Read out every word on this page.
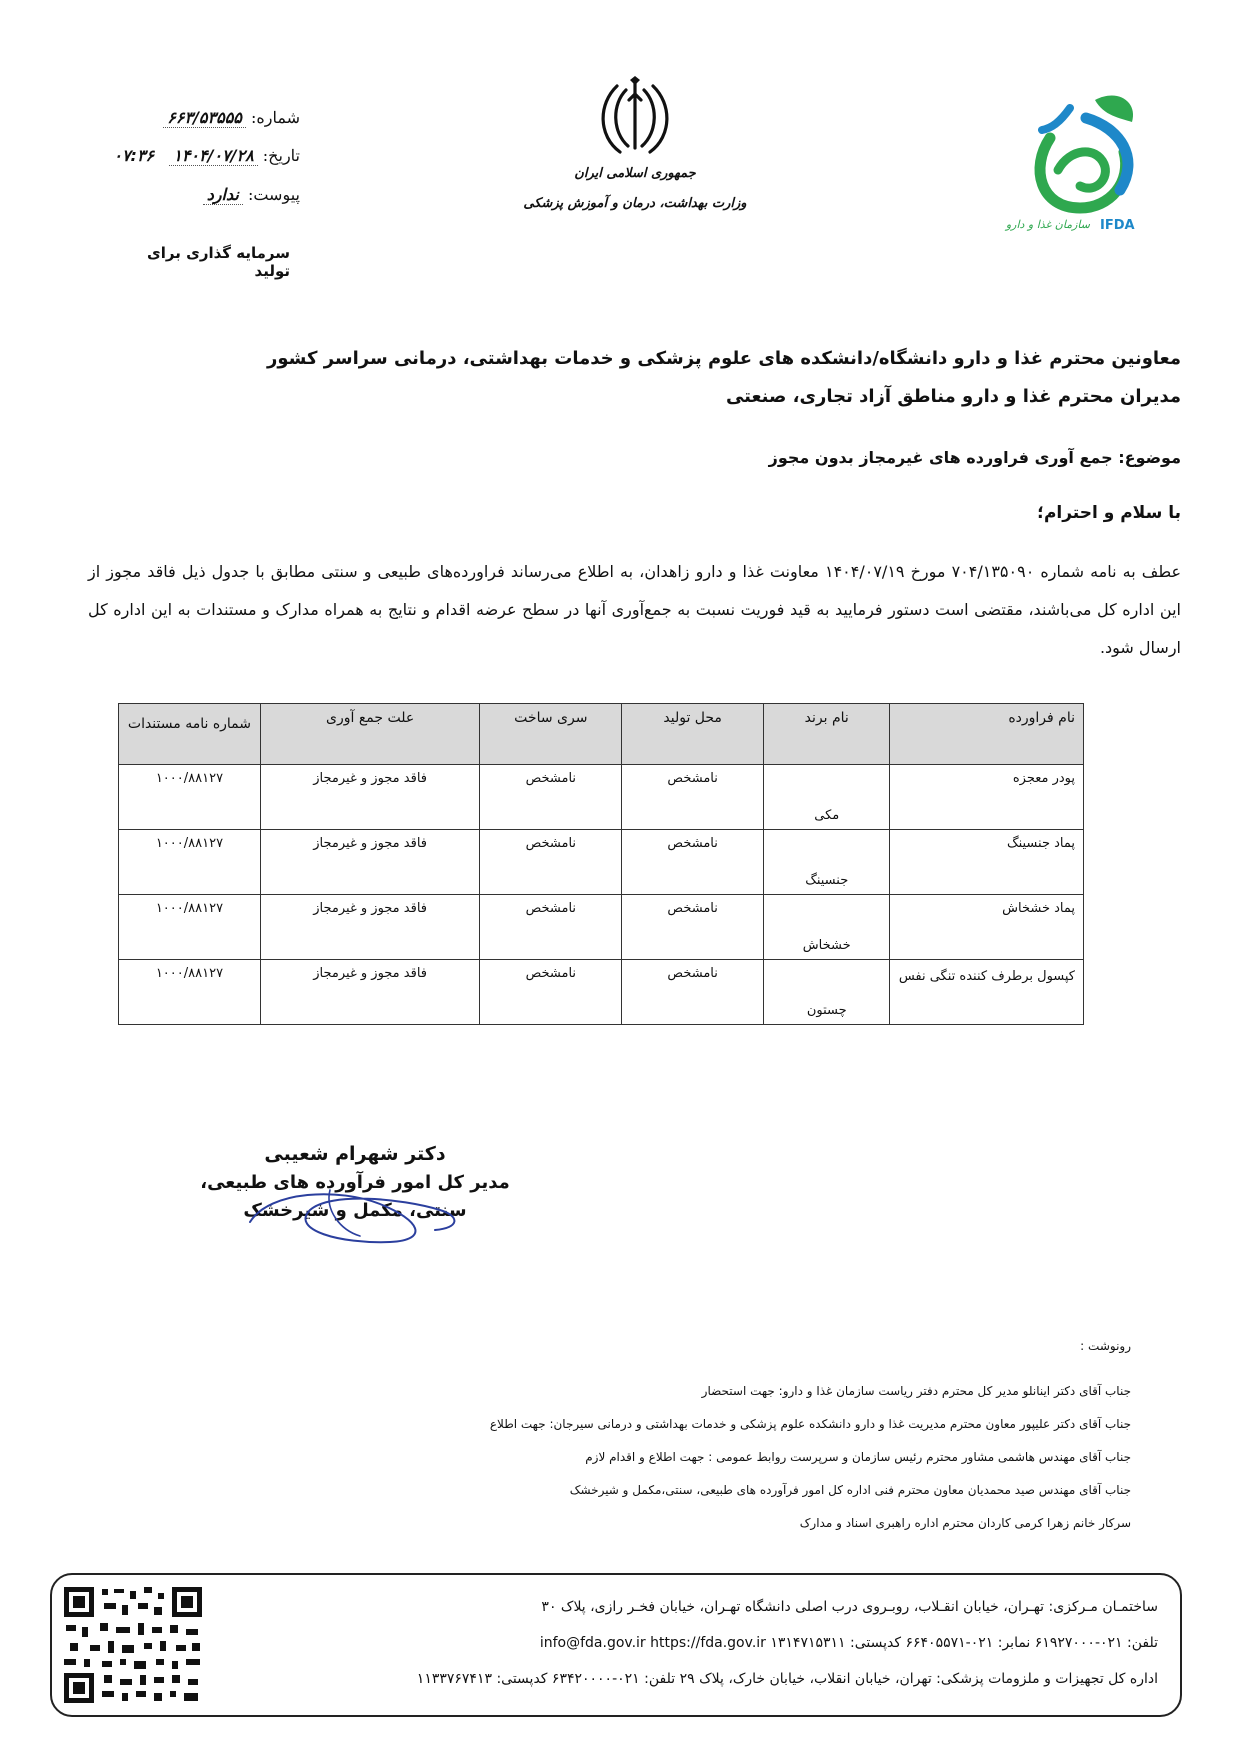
شماره: ۶۶۳/۵۳۵۵۵
تاریخ: ۱۴۰۴/۰۷/۲۸ ۰۷:۳۶
پیوست: ندارد
سرمایه گذاری برای تولید
جمهوری اسلامی ایران
وزارت بهداشت، درمان و آموزش پزشکی
سازمان غذا و دارو IFDA
معاونین محترم غذا و دارو دانشگاه/دانشکده های علوم پزشکی و خدمات بهداشتی، درمانی سراسر کشور
مدیران محترم غذا و دارو مناطق آزاد تجاری، صنعتی
موضوع: جمع آوری فراورده های غیرمجاز بدون مجوز
با سلام و احترام؛
عطف به نامه شماره ۷۰۴/۱۳۵۰۹۰ مورخ ۱۴۰۴/۰۷/۱۹ معاونت غذا و دارو زاهدان، به اطلاع می‌رساند فراورده‌های طبیعی و سنتی مطابق با جدول ذیل فاقد مجوز از این اداره کل می‌باشند، مقتضی است دستور فرمایید به قید فوریت نسبت به جمع‌آوری آنها در سطح عرضه اقدام و نتایج به همراه مدارک و مستندات به این اداره کل ارسال شود.
نام فراورده	نام برند	محل تولید	سری ساخت	علت جمع آوری	شماره نامه مستندات
پودر معجزه	مکی	نامشخص	نامشخص	فاقد مجوز و غیرمجاز	۱۰۰۰/۸۸۱۲۷
پماد جنسینگ	جنسینگ	نامشخص	نامشخص	فاقد مجوز و غیرمجاز	۱۰۰۰/۸۸۱۲۷
پماد خشخاش	خشخاش	نامشخص	نامشخص	فاقد مجوز و غیرمجاز	۱۰۰۰/۸۸۱۲۷
کپسول برطرف کننده تنگی نفس	چستون	نامشخص	نامشخص	فاقد مجوز و غیرمجاز	۱۰۰۰/۸۸۱۲۷
دکتر شهرام شعیبی
مدیر کل امور فرآورده های طبیعی،
سنتی، مکمل و شیرخشک
رونوشت :
جناب آقای دکتر اینانلو مدیر کل محترم دفتر ریاست سازمان غذا و دارو: جهت استحضار
جناب آقای دکتر علیپور معاون محترم مدیریت غذا و دارو دانشکده علوم پزشکی و خدمات بهداشتی و درمانی سیرجان: جهت اطلاع
جناب آقای مهندس هاشمی مشاور محترم رئیس سازمان و سرپرست روابط عمومی : جهت اطلاع و اقدام لازم
جناب آقای مهندس صید محمدیان معاون محترم فنی اداره کل امور فرآورده های طبیعی، سنتی،مکمل و شیرخشک
سرکار خانم زهرا کرمی کاردان محترم اداره راهبری اسناد و مدارک
ساختمـان مـرکزی: تهـران، خیابان انقـلاب، روبـروی درب اصلی دانشگاه تهـران، خیابان فخـر رازی، پلاک ۳۰
تلفن: ۰۲۱-۶۱۹۲۷۰۰۰ نمابر: ۰۲۱-۶۶۴۰۵۵۷۱ کدپستی: ۱۳۱۴۷۱۵۳۱۱ info@fda.gov.ir https://fda.gov.ir
اداره کل تجهیزات و ملزومات پزشکی: تهران، خیابان انقلاب، خیابان خارک، پلاک ۲۹ تلفن: ۰۲۱-۶۳۴۲۰۰۰۰ کدپستی: ۱۱۳۳۷۶۷۴۱۳
